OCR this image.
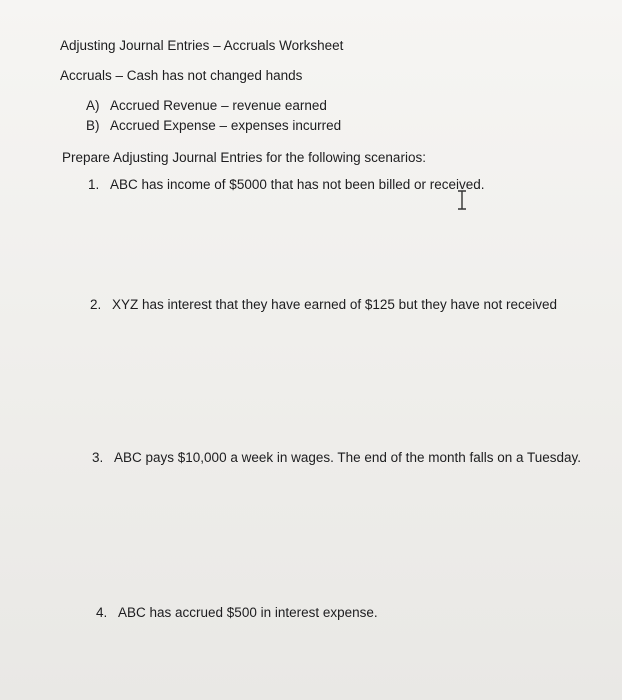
Adjusting Journal Entries – Accruals Worksheet
Accruals – Cash has not changed hands
A) Accrued Revenue – revenue earned
B) Accrued Expense – expenses incurred
Prepare Adjusting Journal Entries for the following scenarios:
1. ABC has income of $5000 that has not been billed or received.
2. XYZ has interest that they have earned of $125 but they have not received
3. ABC pays $10,000 a week in wages. The end of the month falls on a Tuesday.
4. ABC has accrued $500 in interest expense.
